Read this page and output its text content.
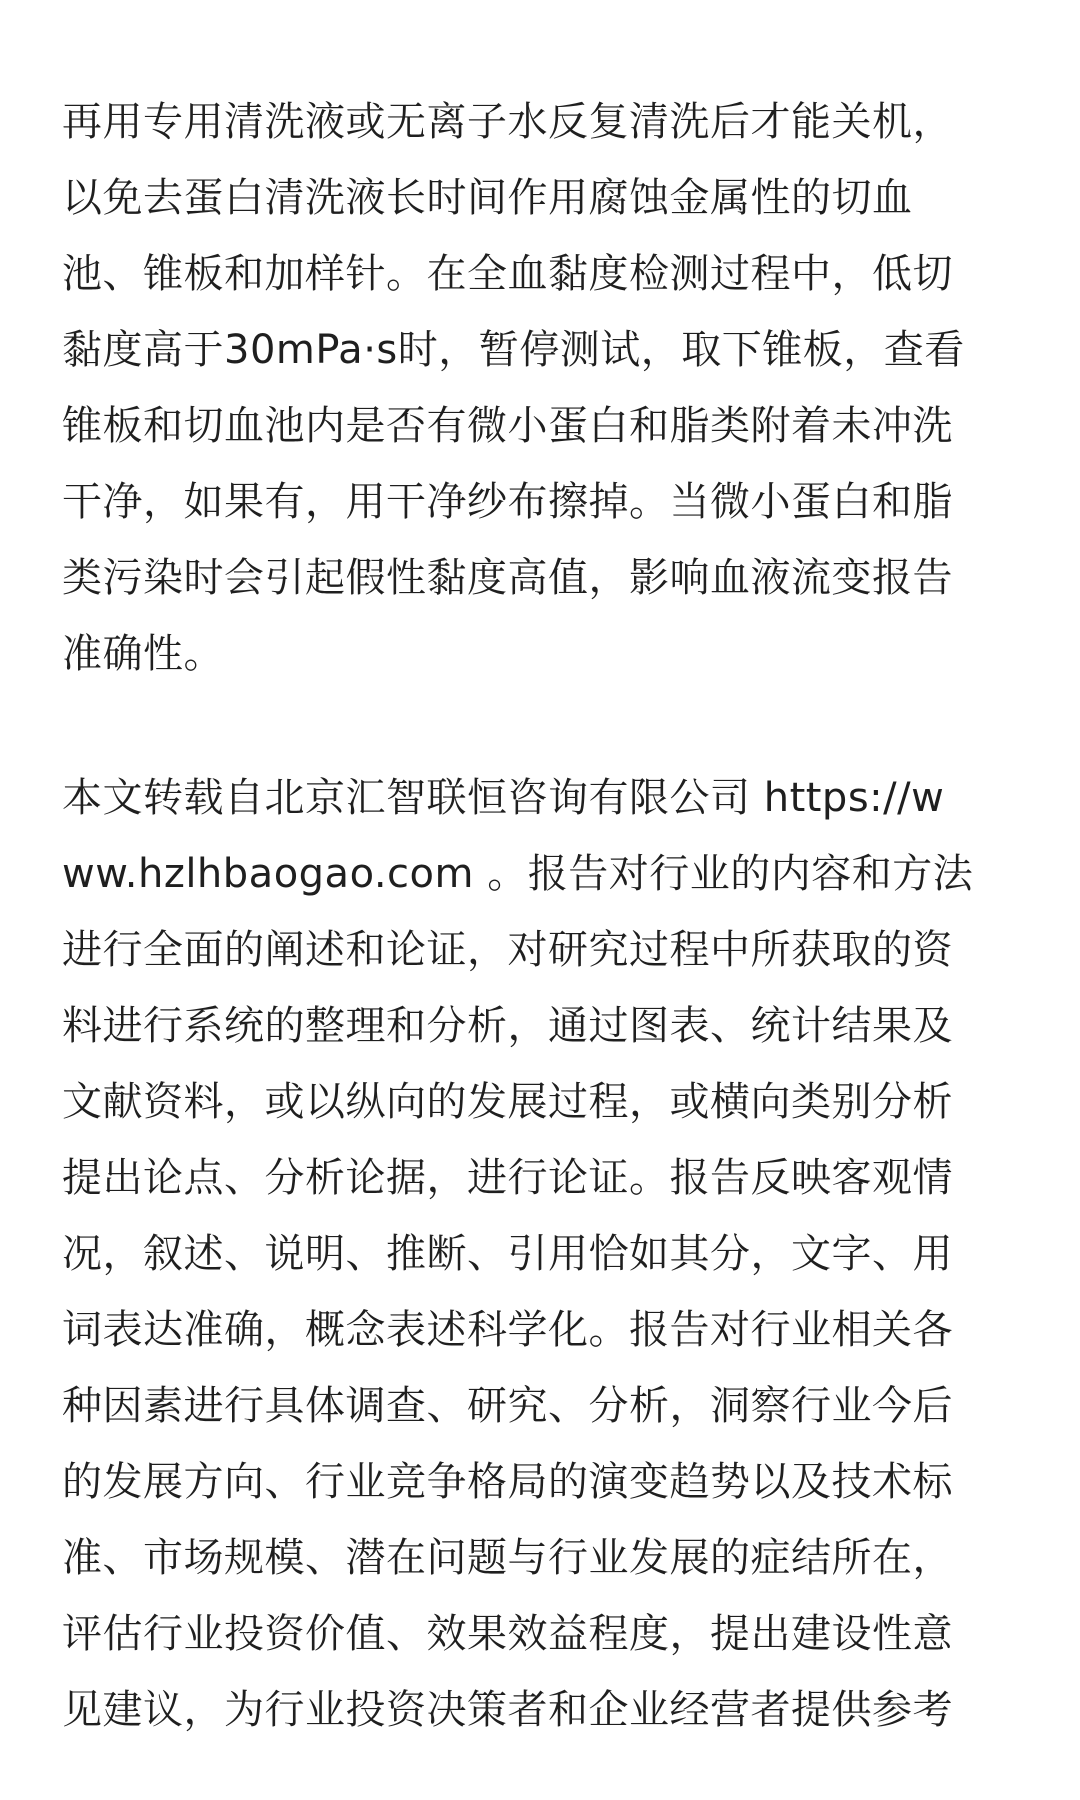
再用专用清洗液或无离子水反复清洗后才能关机，
以免去蛋白清洗液长时间作用腐蚀金属性的切血
池、锥板和加样针。在全血黏度检测过程中，低切
黏度高于30mPa·s时，暂停测试，取下锥板，查看
锥板和切血池内是否有微小蛋白和脂类附着未冲洗
干净，如果有，用干净纱布擦掉。当微小蛋白和脂
类污染时会引起假性黏度高值，影响血液流变报告
准确性。
本文转载自北京汇智联恒咨询有限公司 https://w
ww.hzlhbaogao.com 。报告对行业的内容和方法
进行全面的阐述和论证，对研究过程中所获取的资
料进行系统的整理和分析，通过图表、统计结果及
文献资料，或以纵向的发展过程，或横向类别分析
提出论点、分析论据，进行论证。报告反映客观情
况，叙述、说明、推断、引用恰如其分，文字、用
词表达准确，概念表述科学化。报告对行业相关各
种因素进行具体调查、研究、分析，洞察行业今后
的发展方向、行业竞争格局的演变趋势以及技术标
准、市场规模、潜在问题与行业发展的症结所在，
评估行业投资价值、效果效益程度，提出建设性意
见建议，为行业投资决策者和企业经营者提供参考
